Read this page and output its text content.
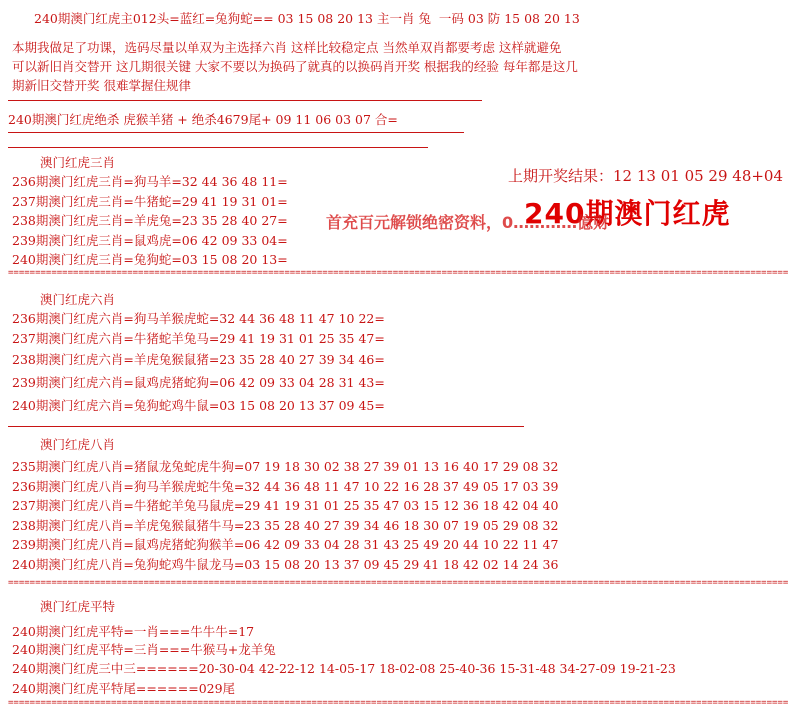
240期澳门红虎主012头=蓝红=兔狗蛇== 03 15 08 20 13 主一肖 兔  一码 03 防 15 08 20 13
本期我做足了功课，选码尽量以单双为主选择六肖 这样比较稳定点 当然单双肖都要考虑 这样就避免
可以新旧肖交替开 这几期很关键 大家不要以为换码了就真的以换码肖开奖 根据我的经验 每年都是这几
期新旧交替开奖 很难掌握住规律
240期澳门红虎绝杀 虎猴羊猪 + 绝杀4679尾+ 09 11 06 03 07 合=
澳门红虎三肖
236期澳门红虎三肖=狗马羊=32 44 36 48 11=
237期澳门红虎三肖=牛猪蛇=29 41 19 31 01=
238期澳门红虎三肖=羊虎兔=23 35 28 40 27=
239期澳门红虎三肖=鼠鸡虎=06 42 09 33 04=
240期澳门红虎三肖=兔狗蛇=03 15 08 20 13=
================================================================================================================================================
澳门红虎六肖
236期澳门红虎六肖=狗马羊猴虎蛇=32 44 36 48 11 47 10 22=
237期澳门红虎六肖=牛猪蛇羊兔马=29 41 19 31 01 25 35 47=
238期澳门红虎六肖=羊虎兔猴鼠猪=23 35 28 40 27 39 34 46=
239期澳门红虎六肖=鼠鸡虎猪蛇狗=06 42 09 33 04 28 31 43=
240期澳门红虎六肖=兔狗蛇鸡牛鼠=03 15 08 20 13 37 09 45=
澳门红虎八肖
235期澳门红虎八肖=猪鼠龙兔蛇虎牛狗=07 19 18 30 02 38 27 39 01 13 16 40 17 29 08 32
236期澳门红虎八肖=狗马羊猴虎蛇牛兔=32 44 36 48 11 47 10 22 16 28 37 49 05 17 03 39
237期澳门红虎八肖=牛猪蛇羊兔马鼠虎=29 41 19 31 01 25 35 47 03 15 12 36 18 42 04 40
238期澳门红虎八肖=羊虎兔猴鼠猪牛马=23 35 28 40 27 39 34 46 18 30 07 19 05 29 08 32
239期澳门红虎八肖=鼠鸡虎猪蛇狗猴羊=06 42 09 33 04 28 31 43 25 49 20 44 10 22 11 47
240期澳门红虎八肖=兔狗蛇鸡牛鼠龙马=03 15 08 20 13 37 09 45 29 41 18 42 02 14 24 36
================================================================================================================================================
澳门红虎平特
240期澳门红虎平特=一肖===牛牛牛=17
240期澳门红虎平特=三肖===牛猴马+龙羊兔
240期澳门红虎三中三======20-30-04 42-22-12 14-05-17 18-02-08 25-40-36 15-31-48 34-27-09 19-21-23
240期澳门红虎平特尾======029尾
================================================================================================================================================
上期开奖结果：12 13 01 05 29 48+04
240期澳门红虎
首充百元解锁绝密资料，0…………億财
